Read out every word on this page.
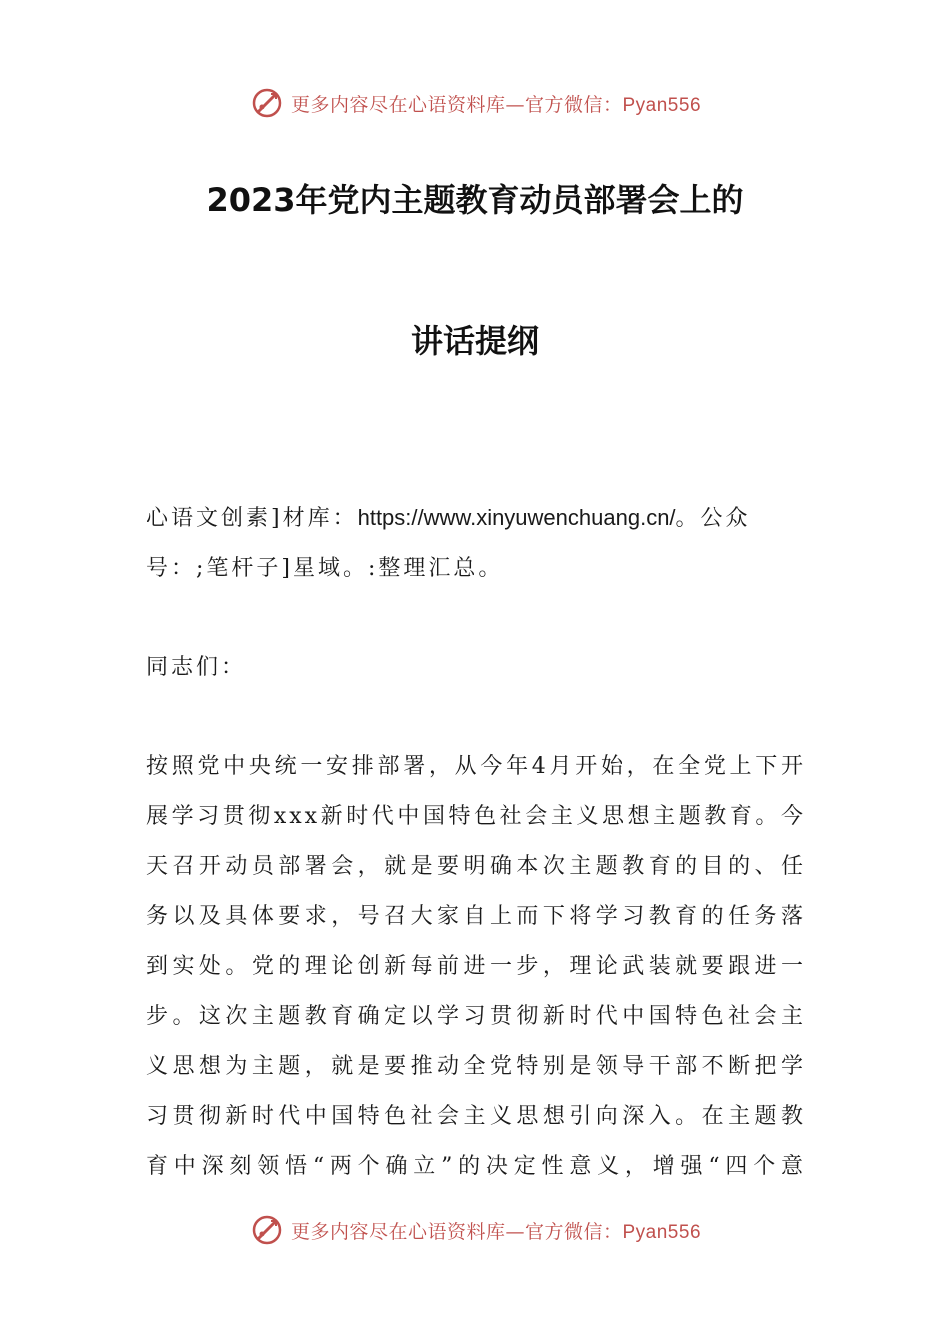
更多内容尽在心语资料库—官方微信：Pyan556
2023年党内主题教育动员部署会上的
讲话提纲
心语文创素]材库：https://www.xinyuwenchuang.cn/。公众
号：;笔杆子]星域。:整理汇总。
同志们：
按照党中央统一安排部署，从今年4月开始，在全党上下开
展学习贯彻xxx新时代中国特色社会主义思想主题教育。今
天召开动员部署会，就是要明确本次主题教育的目的、任
务以及具体要求，号召大家自上而下将学习教育的任务落
到实处。党的理论创新每前进一步，理论武装就要跟进一
步。这次主题教育确定以学习贯彻新时代中国特色社会主
义思想为主题，就是要推动全党特别是领导干部不断把学
习贯彻新时代中国特色社会主义思想引向深入。在主题教
育中深刻领悟“两个确立”的决定性意义，增强“四个意
更多内容尽在心语资料库—官方微信：Pyan556
